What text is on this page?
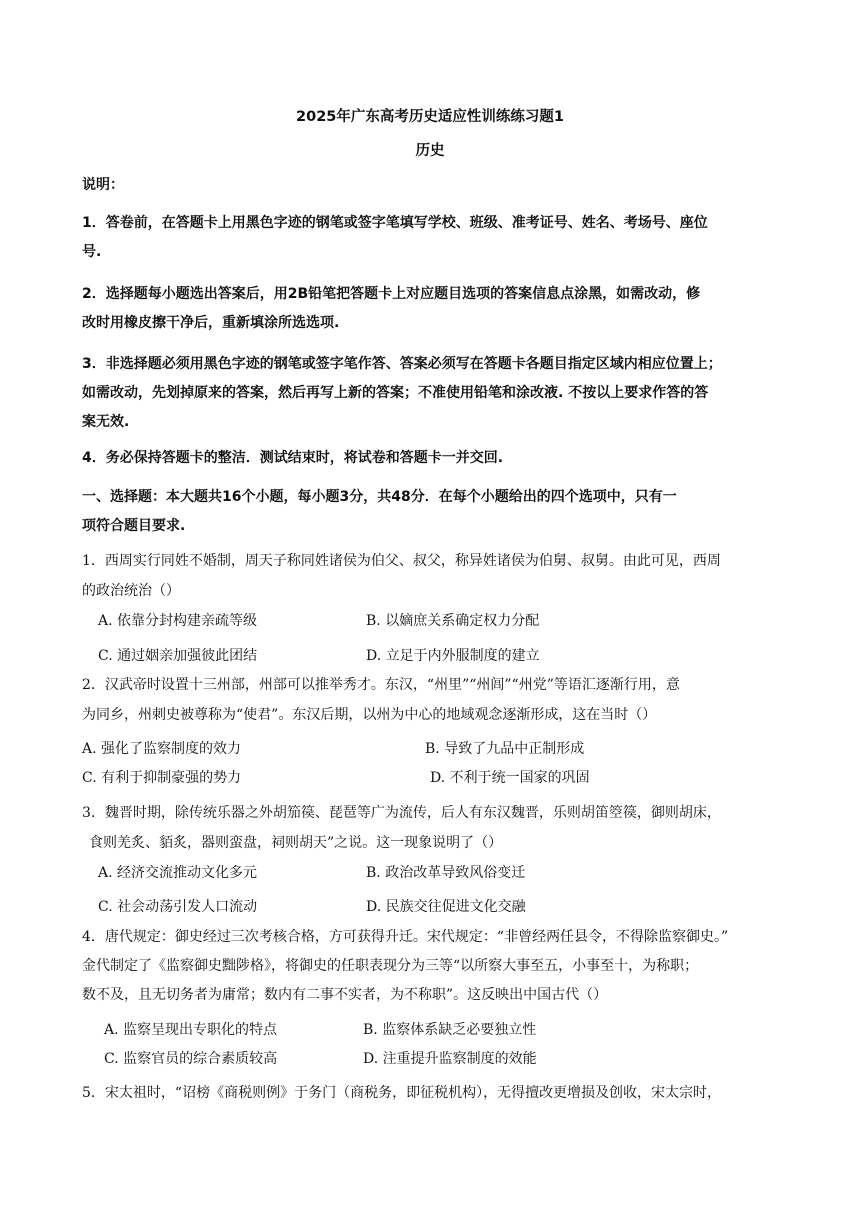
2025年广东高考历史适应性训练练习题1
历史
说明：
1．答卷前，在答题卡上用黑色字迹的钢笔或签字笔填写学校、班级、准考证号、姓名、考场号、座位
号.
2．选择题每小题选出答案后，用2B铅笔把答题卡上对应题目选项的答案信息点涂黑，如需改动，修
改时用橡皮擦干净后，重新填涂所选选项.
3．非选择题必须用黑色字迹的钢笔或签字笔作答、答案必须写在答题卡各题目指定区域内相应位置上；
如需改动，先划掉原来的答案，然后再写上新的答案；不准使用铅笔和涂改液. 不按以上要求作答的答
案无效.
4．务必保持答题卡的整洁．测试结束时，将试卷和答题卡一并交回.
一、选择题：本大题共16个小题，每小题3分，共48分．在每个小题给出的四个选项中，只有一
项符合题目要求.
1．西周实行同姓不婚制，周天子称同姓诸侯为伯父、叔父，称异姓诸侯为伯舅、叔舅。由此可见，西周
的政治统治（）
A. 依靠分封构建亲疏等级	B. 以嫡庶关系确定权力分配
C. 通过姻亲加强彼此团结	D. 立足于内外服制度的建立
2．汉武帝时设置十三州部，州部可以推举秀才。东汉，“州里”“州闾”“州党”等语汇逐渐行用，意
为同乡，州刺史被尊称为“使君”。东汉后期，以州为中心的地域观念逐渐形成，这在当时（）
A. 强化了监察制度的效力	B. 导致了九品中正制形成
C. 有利于抑制豪强的势力	D. 不利于统一国家的巩固
3．魏晋时期，除传统乐器之外胡笳篌、琵琶等广为流传，后人有东汉魏晋，乐则胡笛箜篌，御则胡床，
食则羌炙、貊炙，器则蛮盘，祠则胡天”之说。这一现象说明了（）
A. 经济交流推动文化多元	B. 政治改革导致风俗变迁
C. 社会动荡引发人口流动	D. 民族交往促进文化交融
4．唐代规定：御史经过三次考核合格，方可获得升迁。宋代规定：“非曾经两任县令，不得除监察御史。”
金代制定了《监察御史黜陟格》，将御史的任职表现分为三等“以所察大事至五，小事至十，为称职；
数不及，且无切务者为庸常；数内有二事不实者，为不称职”。这反映出中国古代（）
A. 监察呈现出专职化的特点	B. 监察体系缺乏必要独立性
C. 监察官员的综合素质较高	D. 注重提升监察制度的效能
5．宋太祖时，“诏榜《商税则例》于务门（商税务，即征税机构），无得擅改更增损及创收，宋太宗时，
